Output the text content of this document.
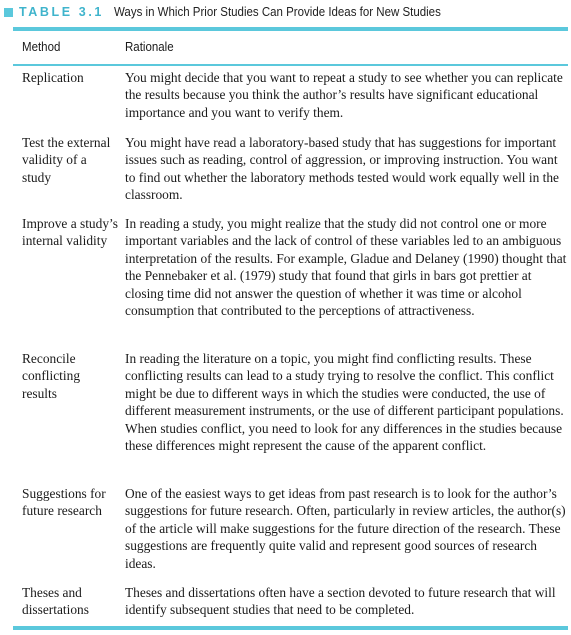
TABLE 3.1 Ways in Which Prior Studies Can Provide Ideas for New Studies
Method	Rationale
Replication	You might decide that you want to repeat a study to see whether you can replicate the results because you think the author’s results have significant educational importance and you want to verify them.
Test the external validity of a study
You might have read a laboratory-based study that has suggestions for important issues such as reading, control of aggression, or improving instruction. You want to find out whether the laboratory methods tested would work equally well in the classroom.
Improve a study’s internal validity
In reading a study, you might realize that the study did not control one or more important variables and the lack of control of these variables led to an ambiguous interpretation of the results. For example, Gladue and Delaney (1990) thought that the Pennebaker et al. (1979) study that found that girls in bars got prettier at closing time did not answer the question of whether it was time or alcohol consumption that contributed to the perceptions of attractiveness.
Reconcile conflicting results
In reading the literature on a topic, you might find conflicting results. These conflicting results can lead to a study trying to resolve the conflict. This conflict might be due to different ways in which the studies were conducted, the use of different measurement instruments, or the use of different participant populations. When studies conflict, you need to look for any differences in the studies because these differences might represent the cause of the apparent conflict.
Suggestions for future research
One of the easiest ways to get ideas from past research is to look for the author’s suggestions for future research. Often, particularly in review articles, the author(s) of the article will make suggestions for the future direction of the research. These suggestions are frequently quite valid and represent good sources of research ideas.
Theses and dissertations
Theses and dissertations often have a section devoted to future research that will identify subsequent studies that need to be completed.
